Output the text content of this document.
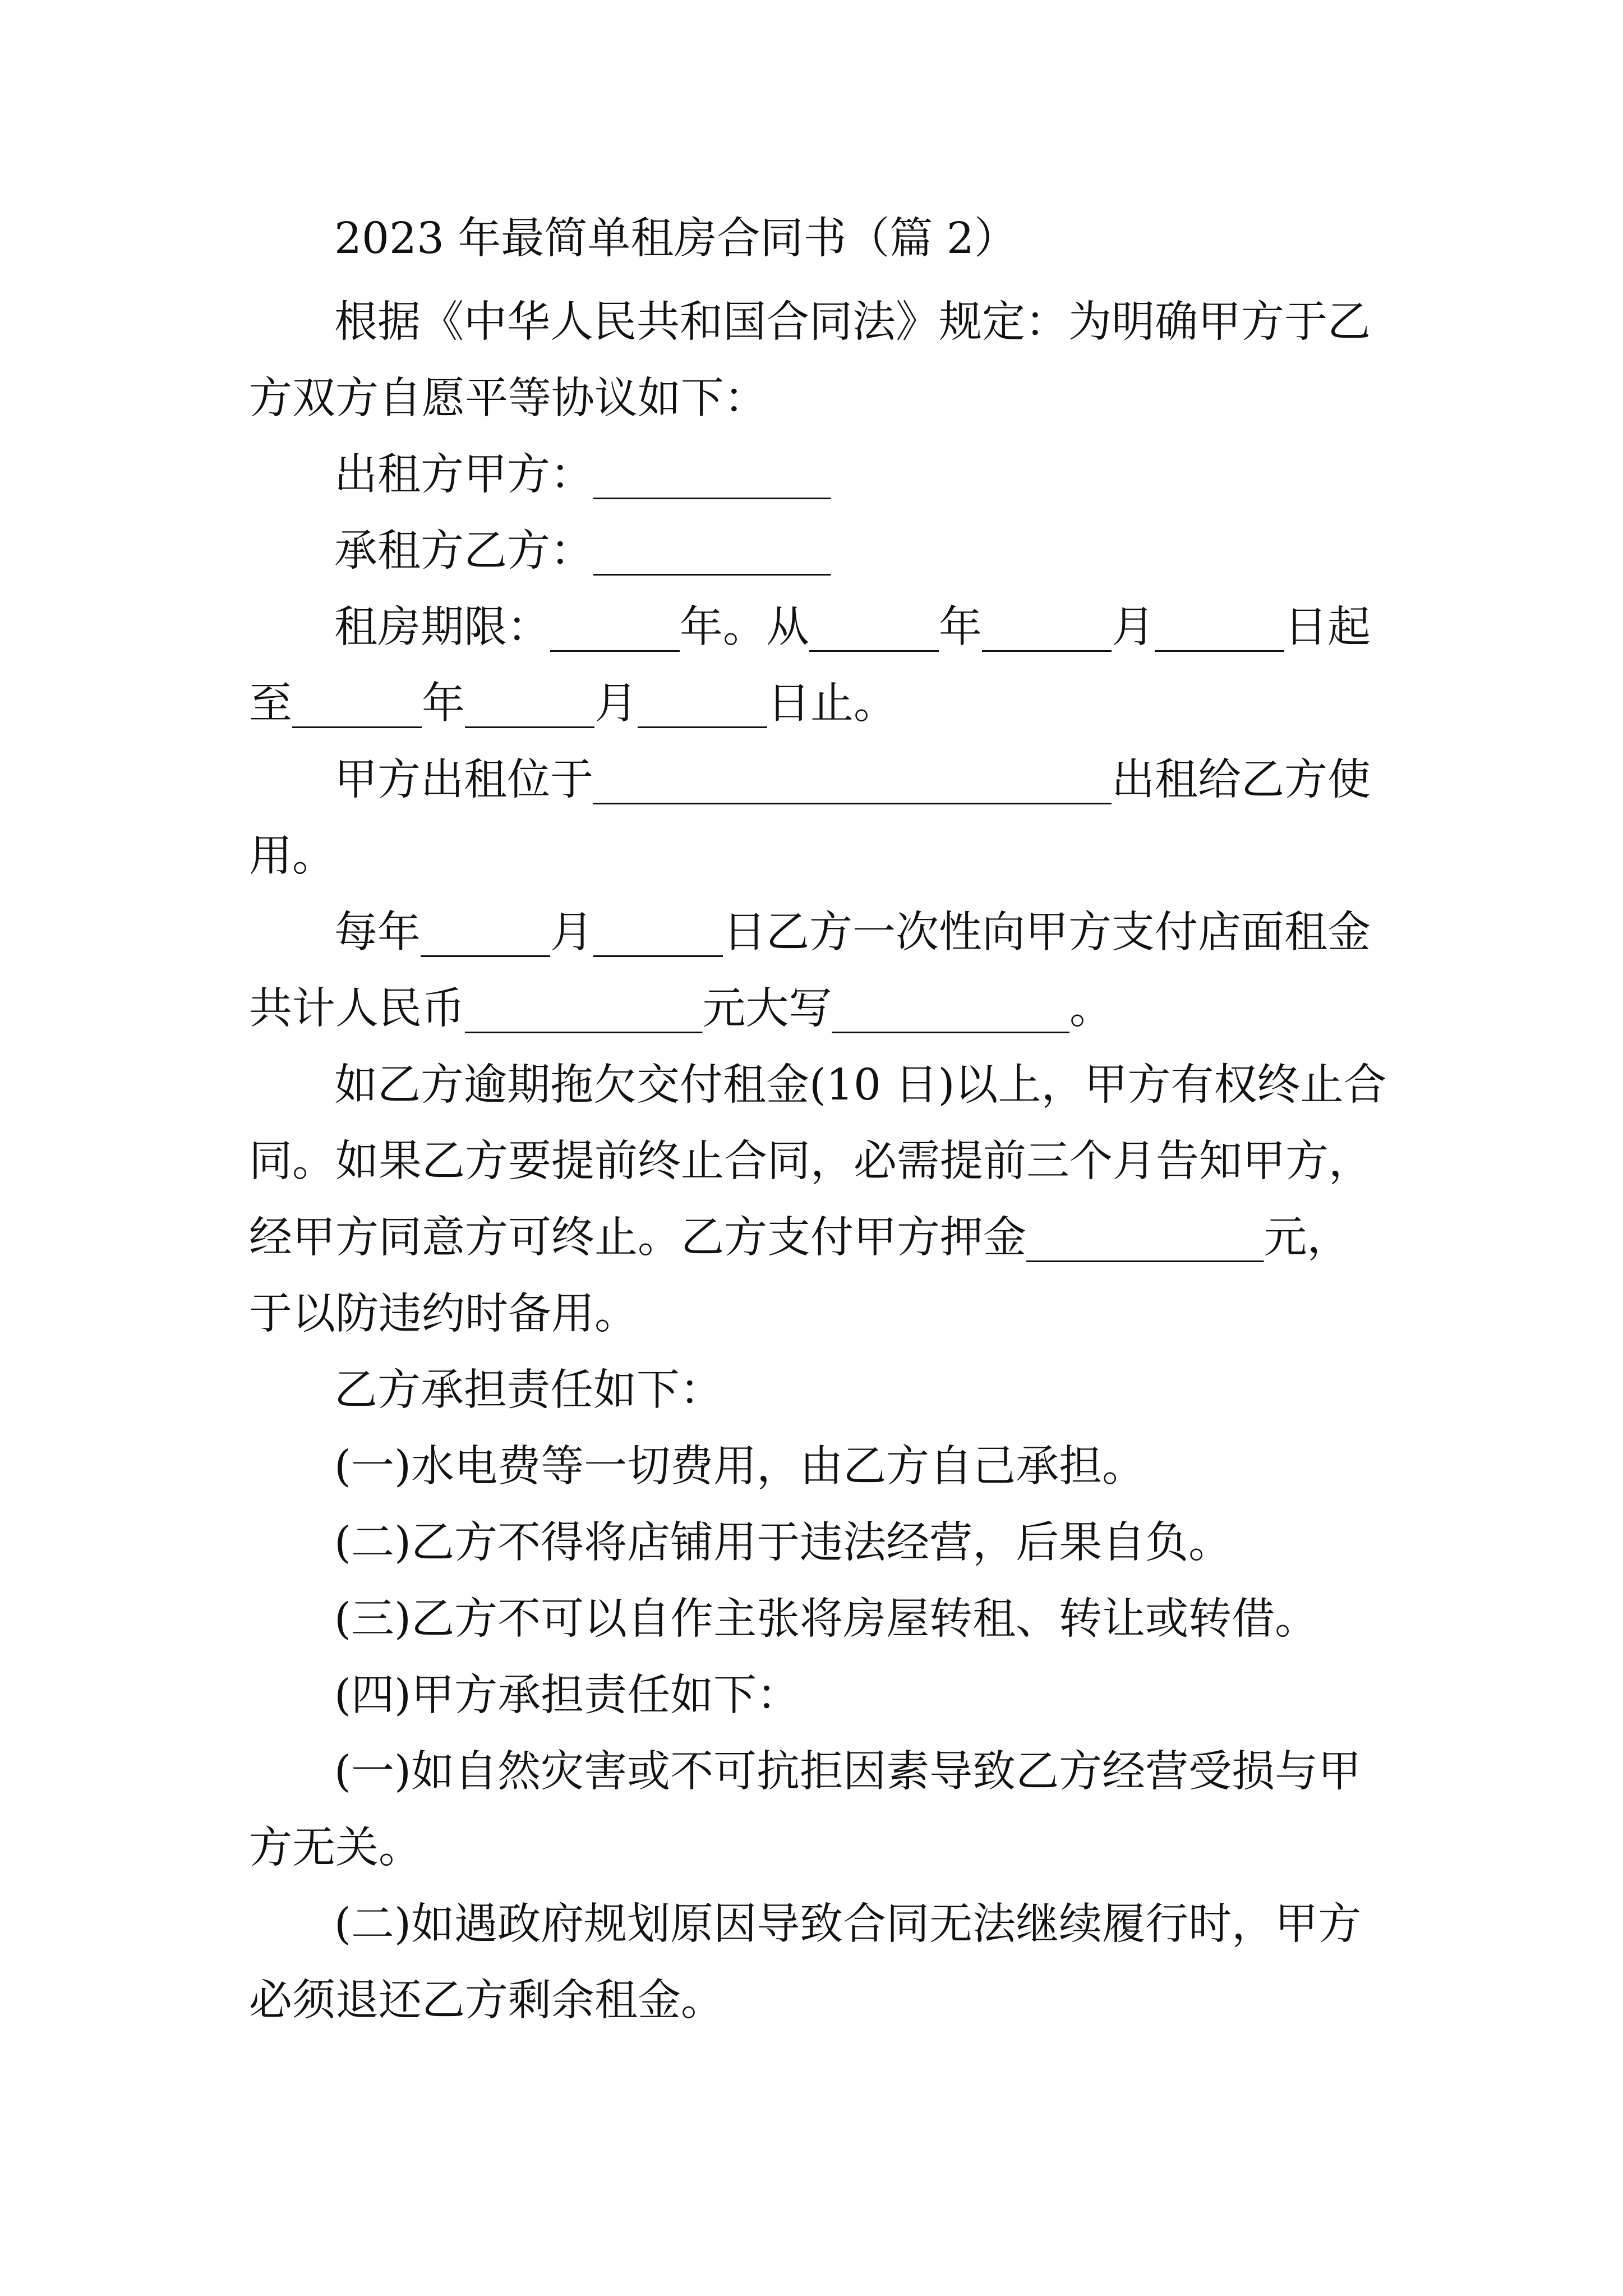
2023 年最简单租房合同书（篇 2）
根据《中华人民共和国合同法》规定：为明确甲方于乙
方双方自愿平等协议如下：
出租方甲方：___________
承租方乙方：___________
租房期限：______年。从______年______月______日起
至______年______月______日止。
甲方出租位于________________________出租给乙方使
用。
每年______月______日乙方一次性向甲方支付店面租金
共计人民币___________元大写___________。
如乙方逾期拖欠交付租金(10 日)以上，甲方有权终止合
同。如果乙方要提前终止合同，必需提前三个月告知甲方，
经甲方同意方可终止。乙方支付甲方押金___________元，
于以防违约时备用。
乙方承担责任如下：
(一)水电费等一切费用，由乙方自己承担。
(二)乙方不得将店铺用于违法经营，后果自负。
(三)乙方不可以自作主张将房屋转租、转让或转借。
(四)甲方承担责任如下：
(一)如自然灾害或不可抗拒因素导致乙方经营受损与甲
方无关。
(二)如遇政府规划原因导致合同无法继续履行时，甲方
必须退还乙方剩余租金。
